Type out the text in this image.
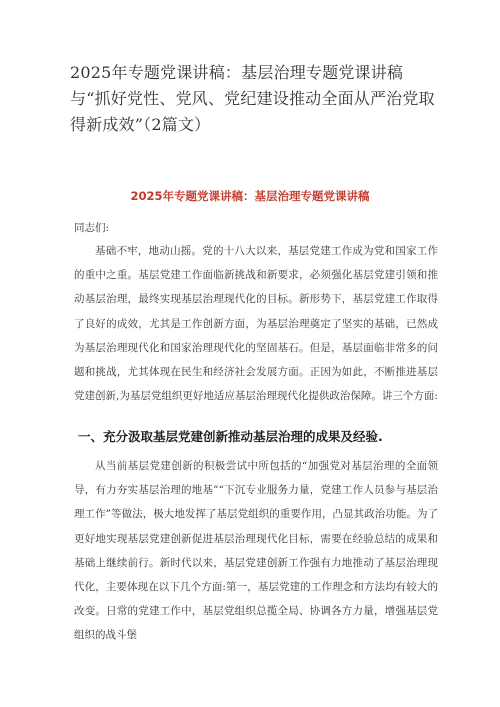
2025年专题党课讲稿：基层治理专题党课讲稿与“抓好党性、党风、党纪建设推动全面从严治党取得新成效”（2篇文）
2025年专题党课讲稿：基层治理专题党课讲稿

同志们:

基础不牢，地动山摇。党的十八大以来，基层党建工作成为党和国家工作的重中之重。基层党建工作面临新挑战和新要求，必须强化基层党建引领和推动基层治理，最终实现基层治理现代化的目标。新形势下，基层党建工作取得了良好的成效，尤其是工作创新方面，为基层治理奠定了坚实的基础，已然成为基层治理现代化和国家治理现代化的坚固基石。但是，基层面临非常多的问题和挑战，尤其体现在民生和经济社会发展方面。正因为如此，不断推进基层党建创新,为基层党组织更好地适应基层治理现代化提供政治保障。讲三个方面:

一、充分汲取基层党建创新推动基层治理的成果及经验.

从当前基层党建创新的积极尝试中所包括的“加强党对基层治理的全面领导，有力夯实基层治理的地基”“下沉专业服务力量，党建工作人员参与基层治理工作”等做法，极大地发挥了基层党组织的重要作用，凸显其政治功能。为了更好地实现基层党建创新促进基层治理现代化目标，需要在经验总结的成果和基础上继续前行。新时代以来，基层党建创新工作强有力地推动了基层治理现代化，主要体现在以下几个方面:第一，基层党建的工作理念和方法均有较大的改变。日常的党建工作中，基层党组织总揽全局、协调各方力量，增强基层党组织的战斗堡
